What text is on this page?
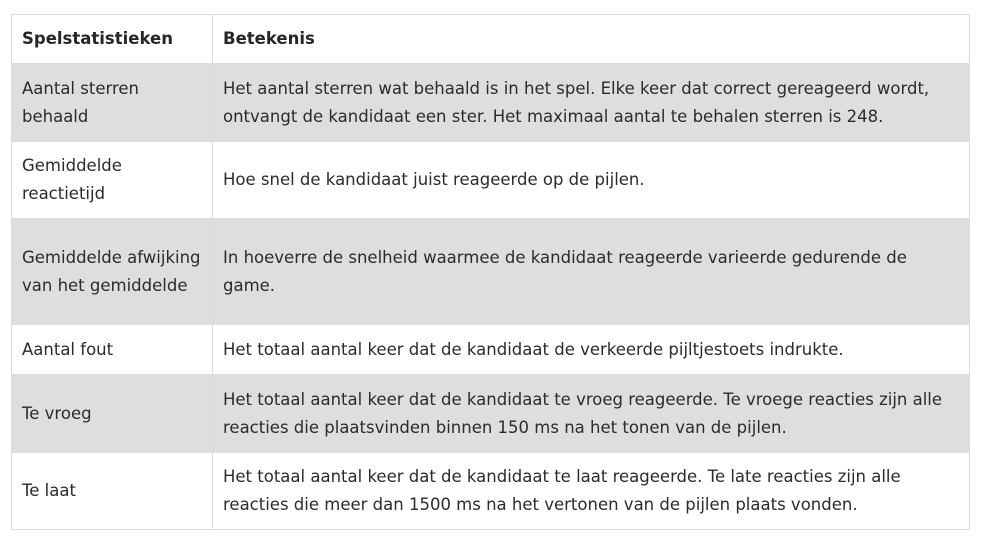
Spelstatistieken	Betekenis
Aantal sterren behaald	Het aantal sterren wat behaald is in het spel. Elke keer dat correct gereageerd wordt, ontvangt de kandidaat een ster. Het maximaal aantal te behalen sterren is 248.
Gemiddelde reactietijd	Hoe snel de kandidaat juist reageerde op de pijlen.
Gemiddelde afwijking van het gemiddelde	In hoeverre de snelheid waarmee de kandidaat reageerde varieerde gedurende de game.
Aantal fout	Het totaal aantal keer dat de kandidaat de verkeerde pijltjestoets indrukte.
Te vroeg	Het totaal aantal keer dat de kandidaat te vroeg reageerde. Te vroege reacties zijn alle reacties die plaatsvinden binnen 150 ms na het tonen van de pijlen.
Te laat	Het totaal aantal keer dat de kandidaat te laat reageerde. Te late reacties zijn alle reacties die meer dan 1500 ms na het vertonen van de pijlen plaats vonden.
